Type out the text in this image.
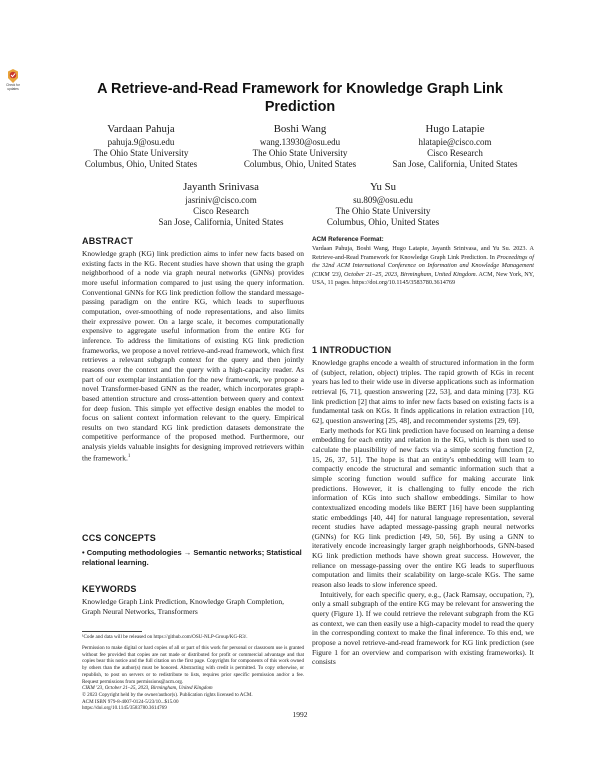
Check for
updates	A Retrieve-and-Read Framework for Knowledge Graph Link Prediction
Vardaan Pahuja
pahuja.9@osu.edu
The Ohio State University
Columbus, Ohio, United States
Boshi Wang
wang.13930@osu.edu
The Ohio State University
Columbus, Ohio, United States
Hugo Latapie
hlatapie@cisco.com
Cisco Research
San Jose, California, United States
Jayanth Srinivasa
jasriniv@cisco.com
Cisco Research
San Jose, California, United States
Yu Su
su.809@osu.edu
The Ohio State University
Columbus, Ohio, United States
ABSTRACT

Knowledge graph (KG) link prediction aims to infer new facts based on existing facts in the KG. Recent studies have shown that using the graph neighborhood of a node via graph neural networks (GNNs) provides more useful information compared to just using the query information. Conventional GNNs for KG link prediction follow the standard message-passing paradigm on the entire KG, which leads to superfluous computation, over-smoothing of node representations, and also limits their expressive power. On a large scale, it becomes computationally expensive to aggregate useful information from the entire KG for inference. To address the limitations of existing KG link prediction frameworks, we propose a novel retrieve-and-read framework, which first retrieves a relevant subgraph context for the query and then jointly reasons over the context and the query with a high-capacity reader. As part of our exemplar instantiation for the new framework, we propose a novel Transformer-based GNN as the reader, which incorporates graph-based attention structure and cross-attention between query and context for deep fusion. This simple yet effective design enables the model to focus on salient context information relevant to the query. Empirical results on two standard KG link prediction datasets demonstrate the competitive performance of the proposed method. Furthermore, our analysis yields valuable insights for designing improved retrievers within the framework.$^1$

CCS CONCEPTS
• Computing methodologies → Semantic networks; Statistical relational learning.
KEYWORDS
Knowledge Graph Link Prediction, Knowledge Graph Completion, Graph Neural Networks, Transformers
¹Code and data will be released on https://github.com/OSU-NLP-Group/KG-R3/.
Permission to make digital or hard copies of all or part of this work for personal or classroom use is granted without fee provided that copies are not made or distributed for profit or commercial advantage and that copies bear this notice and the full citation on the first page. Copyrights for components of this work owned by others than the author(s) must be honored. Abstracting with credit is permitted. To copy otherwise, or republish, to post on servers or to redistribute to lists, requires prior specific permission and/or a fee. Request permissions from permissions@acm.org.
CIKM '23, October 21–25, 2023, Birmingham, United Kingdom
© 2023 Copyright held by the owner/author(s). Publication rights licensed to ACM.
ACM ISBN 979-8-4007-0124-5/23/10...$15.00
https://doi.org/10.1145/3583780.3614769
ACM Reference Format:

Vardaan Pahuja, Boshi Wang, Hugo Latapie, Jayanth Srinivasa, and Yu Su. 2023. A Retrieve-and-Read Framework for Knowledge Graph Link Prediction. In Proceedings of the 32nd ACM International Conference on Information and Knowledge Management (CIKM '23), October 21–25, 2023, Birmingham, United Kingdom. ACM, New York, NY, USA, 11 pages. https://doi.org/10.1145/3583780.3614769

1 INTRODUCTION

Knowledge graphs encode a wealth of structured information in the form of (subject, relation, object) triples. The rapid growth of KGs in recent years has led to their wide use in diverse applications such as information retrieval [6, 71], question answering [22, 53], and data mining [73]. KG link prediction [2] that aims to infer new facts based on existing facts is a fundamental task on KGs. It finds applications in relation extraction [10, 62], question answering [25, 48], and recommender systems [29, 69].

Early methods for KG link prediction have focused on learning a dense embedding for each entity and relation in the KG, which is then used to calculate the plausibility of new facts via a simple scoring function [2, 15, 26, 37, 51]. The hope is that an entity's embedding will learn to compactly encode the structural and semantic information such that a simple scoring function would suffice for making accurate link predictions. However, it is challenging to fully encode the rich information of KGs into such shallow embeddings. Similar to how contextualized encoding models like BERT [16] have been supplanting static embeddings [40, 44] for natural language representation, several recent studies have adapted message-passing graph neural networks (GNNs) for KG link prediction [49, 50, 56]. By using a GNN to iteratively encode increasingly larger graph neighborhoods, GNN-based KG link prediction methods have shown great success. However, the reliance on message-passing over the entire KG leads to superfluous computation and limits their scalability on large-scale KGs. The same reason also leads to slow inference speed.

Intuitively, for each specific query, e.g., (Jack Ramsay, occupation, ?), only a small subgraph of the entire KG may be relevant for answering the query (Figure 1). If we could retrieve the relevant subgraph from the KG as context, we can then easily use a high-capacity model to read the query in the corresponding context to make the final inference. To this end, we propose a novel retrieve-and-read framework for KG link prediction (see Figure 1 for an overview and comparison with existing frameworks). It consists

1992
